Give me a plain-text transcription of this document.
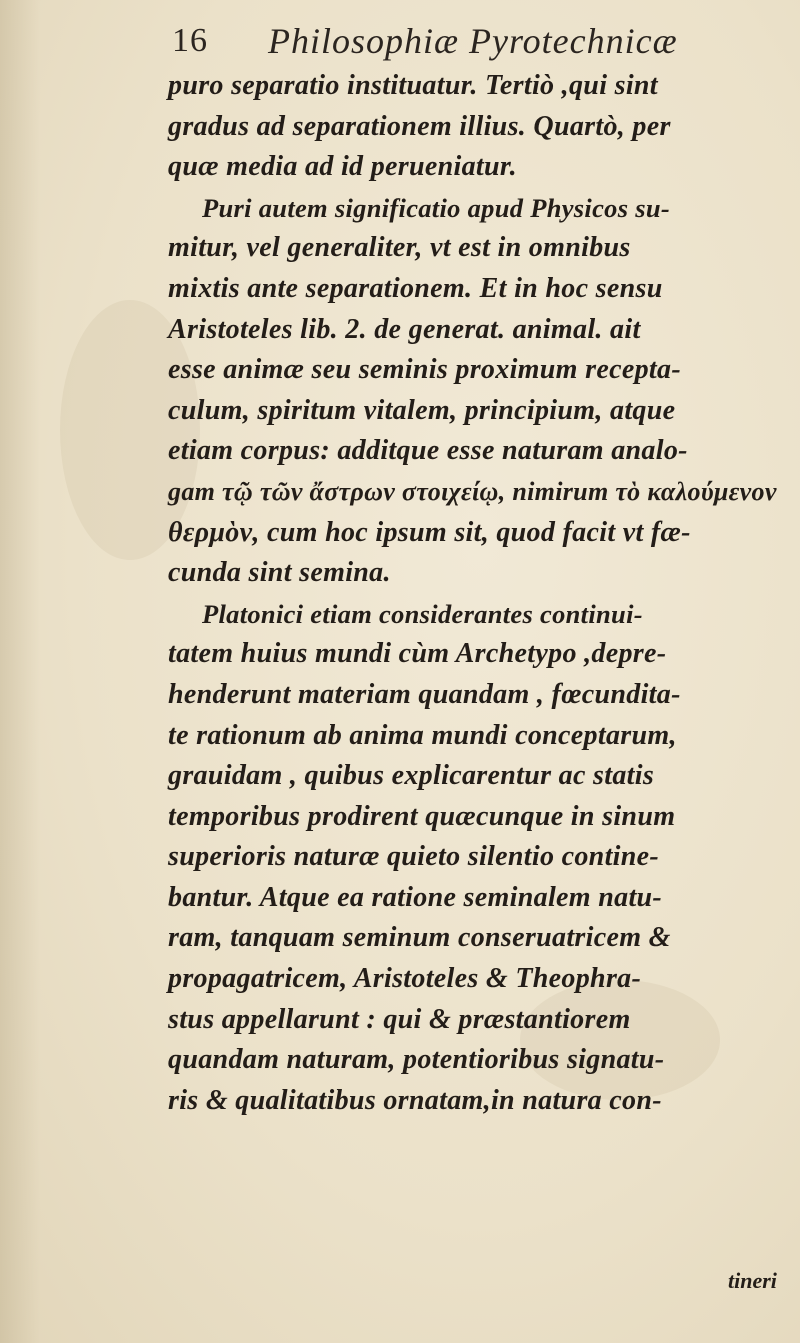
16 Philosophiæ Pyrotechnicæ
puro separatio instituatur. Tertiò ,qui sint
gradus ad separationem illius. Quartò, per
quæ media ad id perueniatur.
Puri autem significatio apud Physicos su-
mitur, vel generaliter, vt est in omnibus
mixtis ante separationem. Et in hoc sensu
Aristoteles lib. 2. de generat. animal. ait
esse animæ seu seminis proximum recepta-
culum, spiritum vitalem, principium, atque
etiam corpus: additque esse naturam analo-
gam τῷ τῶν ἄστρων στοιχείῳ, nimirum τὸ καλούμενον
θερμὸν, cum hoc ipsum sit, quod facit vt fæ-
cunda sint semina.
Platonici etiam considerantes continui-
tatem huius mundi cùm Archetypo ,depre-
henderunt materiam quandam , fœcundita-
te rationum ab anima mundi conceptarum,
grauidam , quibus explicarentur ac statis
temporibus prodirent quæcunque in sinum
superioris naturæ quieto silentio contine-
bantur. Atque ea ratione seminalem natu-
ram, tanquam seminum conseruatricem &
propagatricem, Aristoteles & Theophra-
stus appellarunt : qui & præstantiorem
quandam naturam, potentioribus signatu-
ris & qualitatibus ornatam,in natura con-
tineri
